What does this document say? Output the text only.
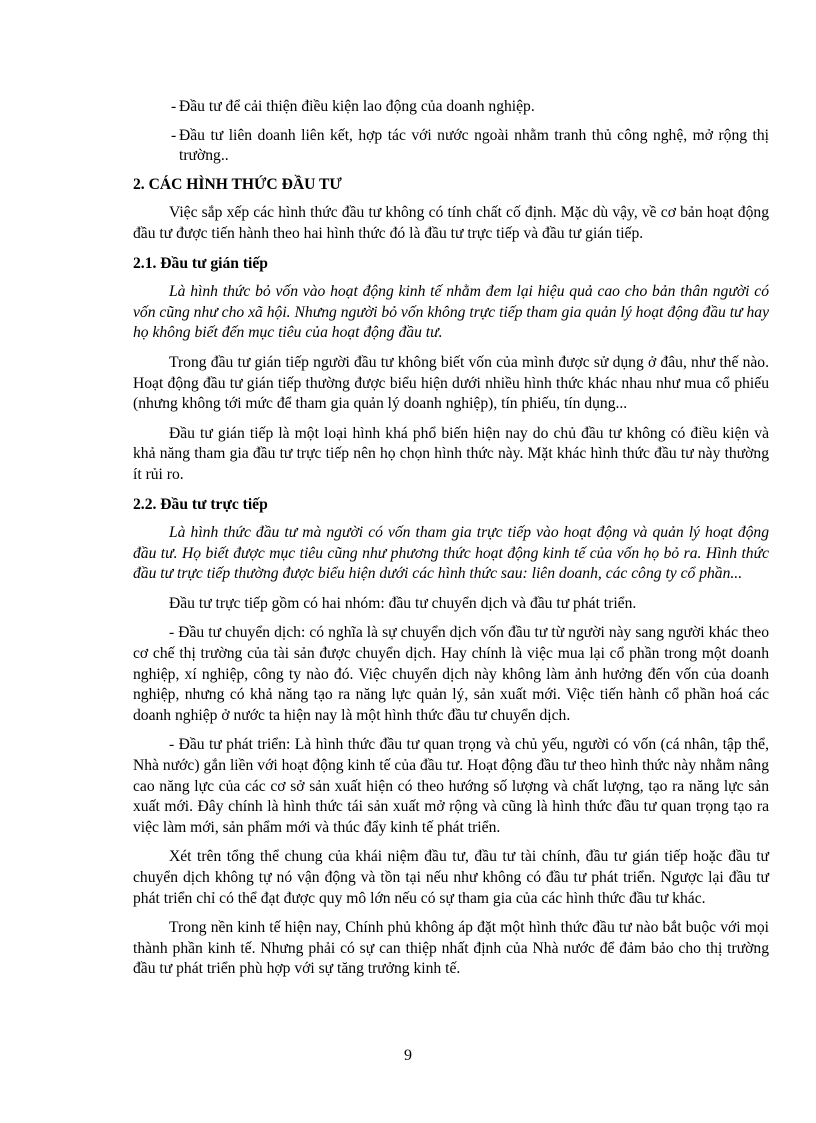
- Đầu tư để cải thiện điều kiện lao động của doanh nghiệp.
- Đầu tư liên doanh liên kết, hợp tác với nước ngoài nhằm tranh thủ công nghệ, mở rộng thị trường..
2. CÁC HÌNH THỨC ĐẦU TƯ
Việc sắp xếp các hình thức đầu tư không có tính chất cố định. Mặc dù vậy, về cơ bản hoạt động đầu tư được tiến hành theo hai hình thức đó là đầu tư trực tiếp và đầu tư gián tiếp.
2.1. Đầu tư gián tiếp
Là hình thức bỏ vốn vào hoạt động kinh tế nhằm đem lại hiệu quả cao cho bản thân người có vốn cũng như cho xã hội. Nhưng người bỏ vốn không trực tiếp tham gia quản lý hoạt động đầu tư hay họ không biết đến mục tiêu của hoạt động đầu tư.
Trong đầu tư gián tiếp người đầu tư không biết vốn của mình được sử dụng ở đâu, như thế nào. Hoạt động đầu tư gián tiếp thường được biểu hiện dưới nhiều hình thức khác nhau như mua cổ phiếu (nhưng không tới mức để tham gia quản lý doanh nghiệp), tín phiếu, tín dụng...
Đầu tư gián tiếp là một loại hình khá phổ biến hiện nay do chủ đầu tư không có điều kiện và khả năng tham gia đầu tư trực tiếp nên họ chọn hình thức này. Mặt khác hình thức đầu tư này thường ít rủi ro.
2.2. Đầu tư trực tiếp
Là hình thức đầu tư mà người có vốn tham gia trực tiếp vào hoạt động và quản lý hoạt động đầu tư. Họ biết được mục tiêu cũng như phương thức hoạt động kinh tế của vốn họ bỏ ra. Hình thức đầu tư trực tiếp thường được biểu hiện dưới các hình thức sau: liên doanh, các công ty cổ phần...
Đầu tư trực tiếp gồm có hai nhóm: đầu tư chuyển dịch và đầu tư phát triển.
- Đầu tư chuyển dịch: có nghĩa là sự chuyển dịch vốn đầu tư từ người này sang người khác theo cơ chế thị trường của tài sản được chuyển dịch. Hay chính là việc mua lại cổ phần trong một doanh nghiệp, xí nghiệp, công ty nào đó. Việc chuyển dịch này không làm ảnh hưởng đến vốn của doanh nghiệp, nhưng có khả năng tạo ra năng lực quản lý, sản xuất mới. Việc tiến hành cổ phần hoá các doanh nghiệp ở nước ta hiện nay là một hình thức đầu tư chuyển dịch.
- Đầu tư phát triển: Là hình thức đầu tư quan trọng và chủ yếu, người có vốn (cá nhân, tập thể, Nhà nước) gắn liền với hoạt động kinh tế của đầu tư. Hoạt động đầu tư theo hình thức này nhằm nâng cao năng lực của các cơ sở sản xuất hiện có theo hướng số lượng và chất lượng, tạo ra năng lực sản xuất mới. Đây chính là hình thức tái sản xuất mở rộng và cũng là hình thức đầu tư quan trọng tạo ra việc làm mới, sản phẩm mới và thúc đẩy kinh tế phát triển.
Xét trên tổng thể chung của khái niệm đầu tư, đầu tư tài chính, đầu tư gián tiếp hoặc đầu tư chuyển dịch không tự nó vận động và tồn tại nếu như không có đầu tư phát triển. Ngược lại đầu tư phát triển chỉ có thể đạt được quy mô lớn nếu có sự tham gia của các hình thức đầu tư khác.
Trong nền kinh tế hiện nay, Chính phủ không áp đặt một hình thức đầu tư nào bắt buộc với mọi thành phần kinh tế. Nhưng phải có sự can thiệp nhất định của Nhà nước để đảm bảo cho thị trường đầu tư phát triển phù hợp với sự tăng trưởng kinh tế.
9
